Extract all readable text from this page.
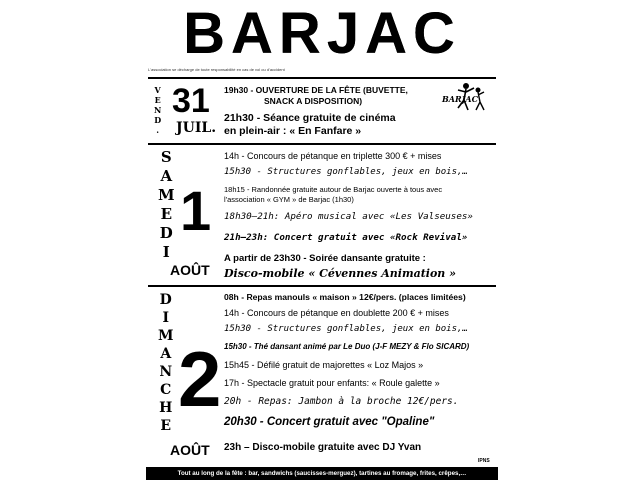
BARJAC
L'association se décharge de toute responsabilité en cas de vol ou d'accident
V
E
N
D
.
31
JUIL.
19h30 - OUVERTURE DE LA FÊTE (BUVETTE,
SNACK A DISPOSITION)
21h30 - Séance gratuite de cinéma
en plein-air : « En Fanfare »
BARJAC
S
A
M
E
D
I
1
AOÛT
14h - Concours de pétanque en triplette 300 € + mises
15h30 - Structures gonflables, jeux en bois,…
18h15 - Randonnée gratuite autour de Barjac ouverte à tous avec
l'association « GYM » de Barjac (1h30)
18h30–21h: Apéro musical avec «Les Valseuses»
21h–23h: Concert gratuit avec «Rock Revival»
A partir de 23h30 - Soirée dansante gratuite :
Disco-mobile « Cévennes Animation »
D
I
M
A
N
C
H
E
2
AOÛT
08h - Repas manouls « maison » 12€/pers. (places limitées)
14h - Concours de pétanque en doublette 200 € + mises
15h30 - Structures gonflables, jeux en bois,…
15h30 - Thé dansant animé par Le Duo (J-F MEZY & Flo SICARD)
15h45 - Défilé gratuit de majorettes « Loz Majos »
17h - Spectacle gratuit pour enfants: « Roule galette »
20h - Repas: Jambon à la broche 12€/pers.
20h30 - Concert gratuit avec "Opaline"
23h – Disco-mobile gratuite avec DJ Yvan
IPNS
Tout au long de la fête : bar, sandwichs (saucisses-merguez), tartines au fromage, frites, crêpes,…
